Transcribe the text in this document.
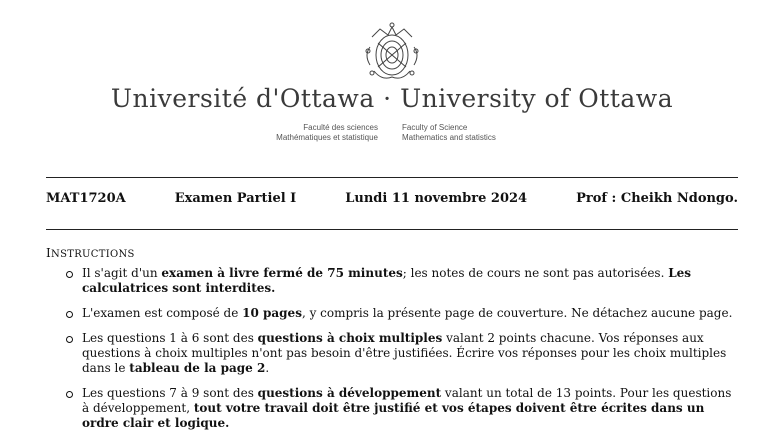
Université d'Ottawa · University of Ottawa
Faculté des sciences
Mathématiques et statistique
Faculty of Science
Mathematics and statistics
MAT1720A	Examen Partiel I	Lundi 11 novembre 2024	Prof : Cheikh Ndongo.
INSTRUCTIONS
Il s'agit d'un examen à livre fermé de 75 minutes; les notes de cours ne sont pas autorisées. Les calculatrices sont interdites.
L'examen est composé de 10 pages, y compris la présente page de couverture. Ne détachez aucune page.
Les questions 1 à 6 sont des questions à choix multiples valant 2 points chacune. Vos réponses aux questions à choix multiples n'ont pas besoin d'être justifiées. Écrire vos réponses pour les choix multiples dans le tableau de la page 2.
Les questions 7 à 9 sont des questions à développement valant un total de 13 points. Pour les questions à développement, tout votre travail doit être justifié et vos étapes doivent être écrites dans un ordre clair et logique.
